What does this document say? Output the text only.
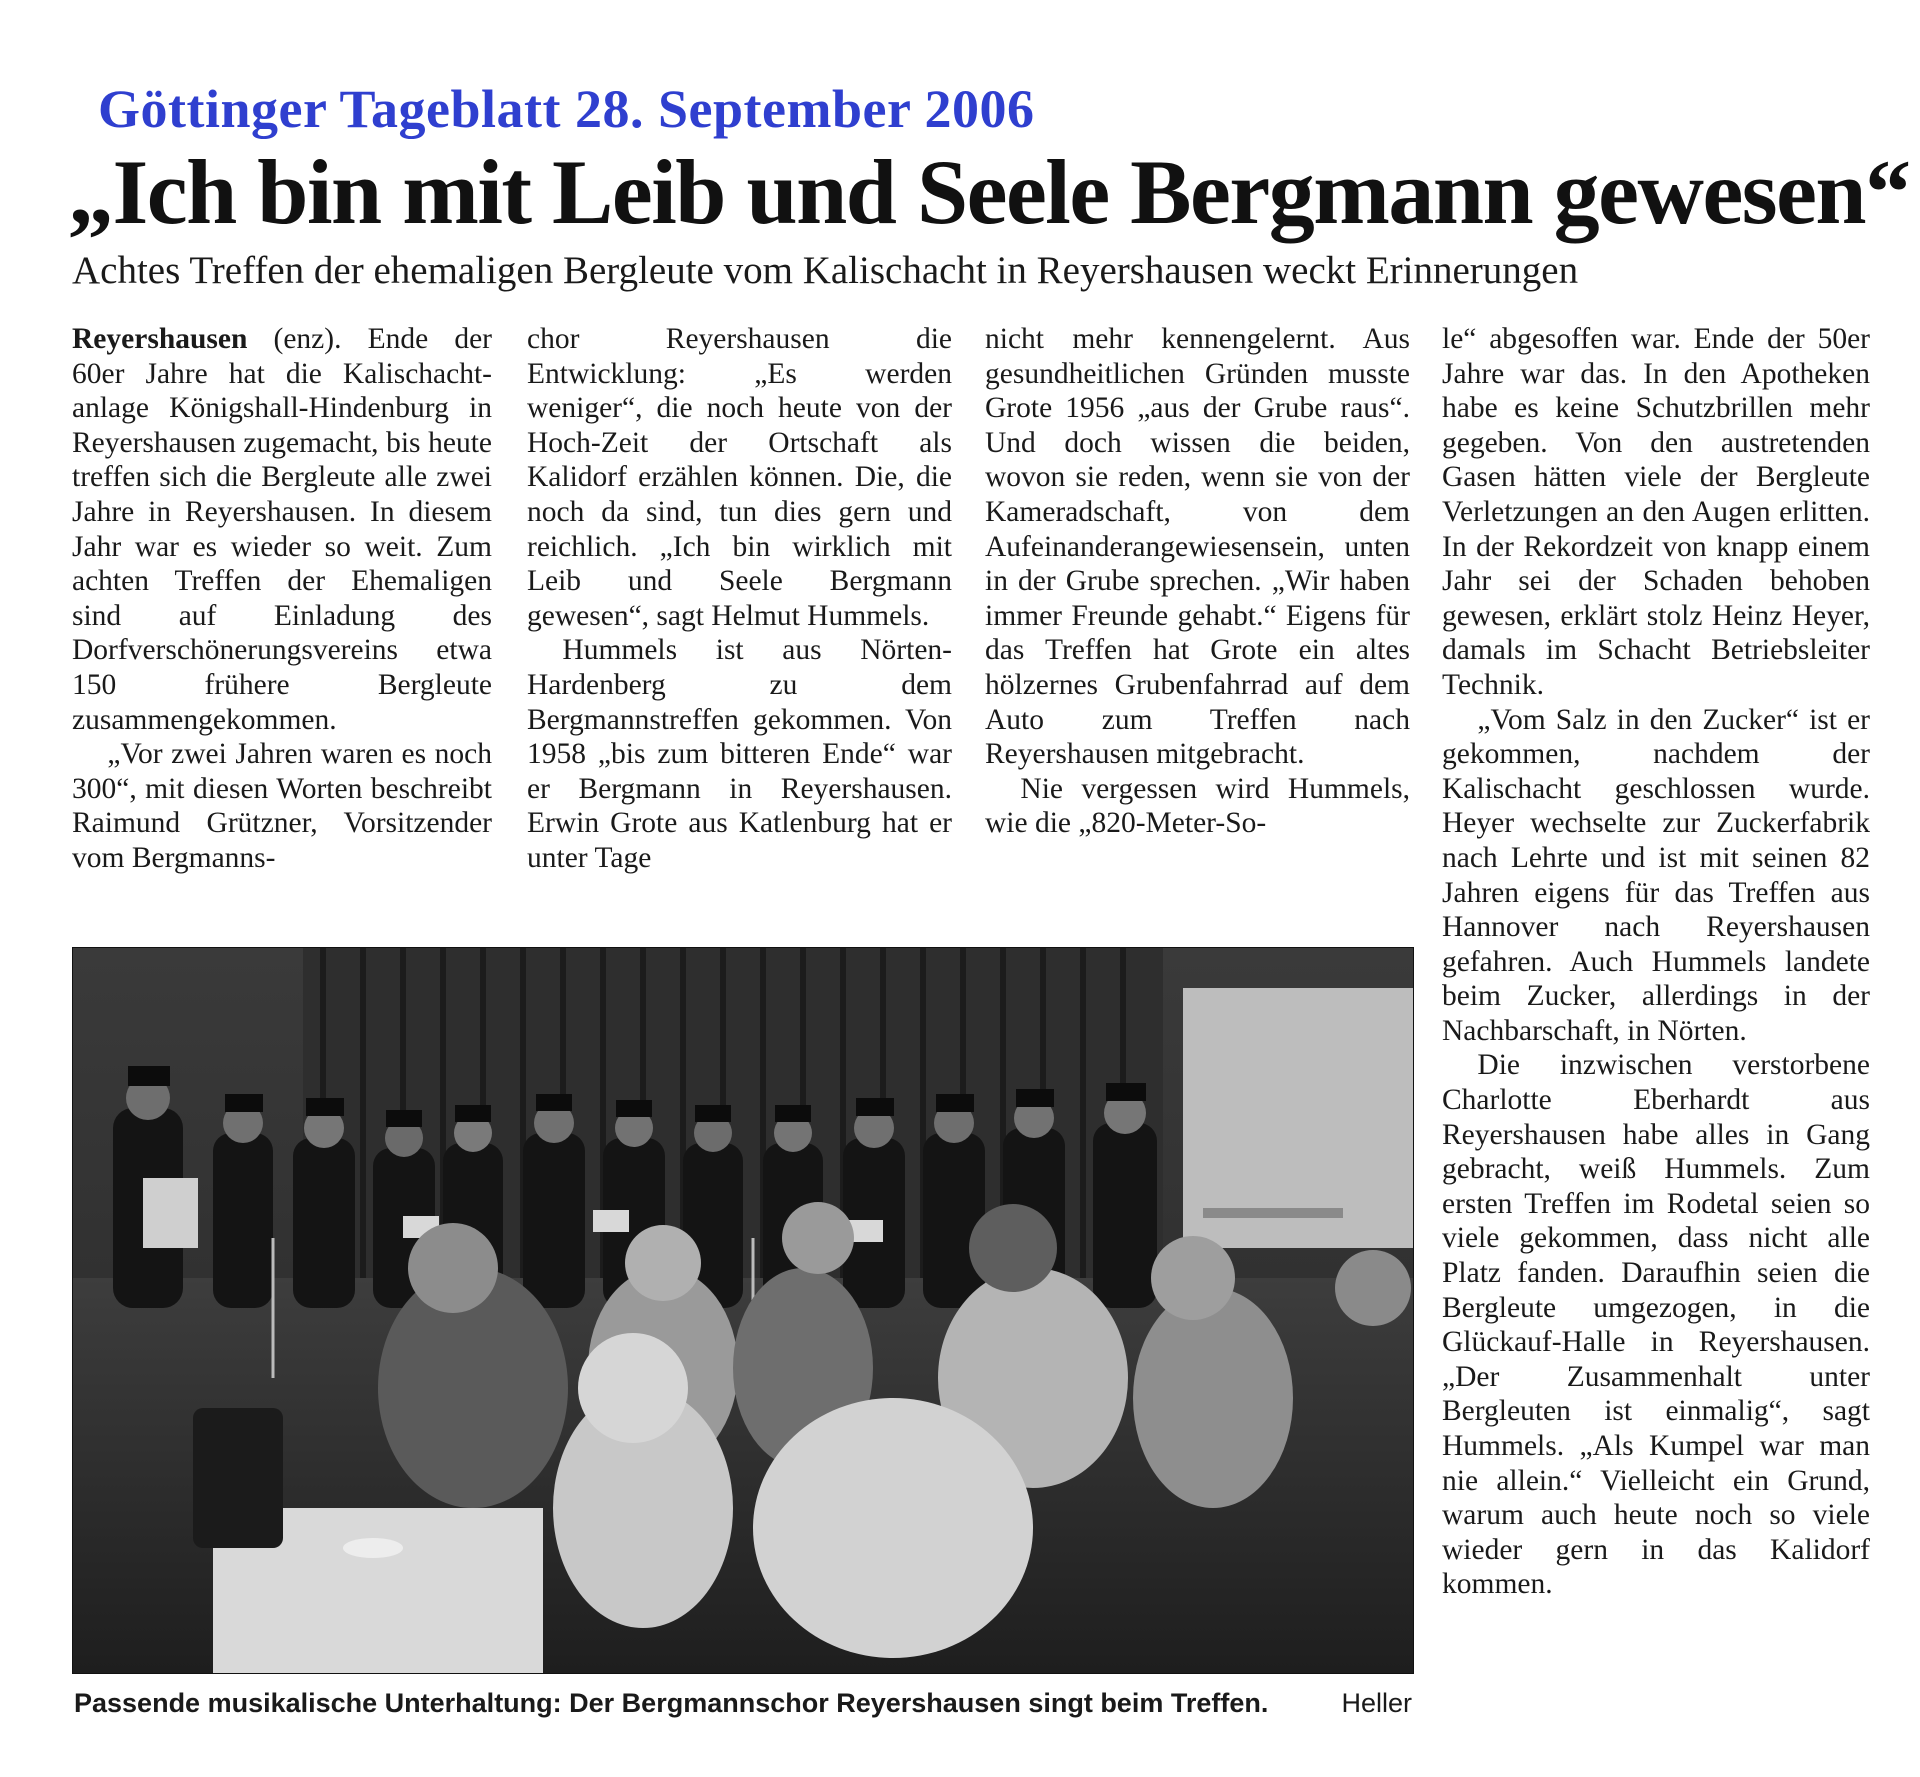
Göttinger Tageblatt 28. September 2006
„Ich bin mit Leib und Seele Bergmann gewesen“
Achtes Treffen der ehemaligen Bergleute vom Kalischacht in Reyershausen weckt Erinnerungen

Reyershausen (enz). Ende der 60er Jahre hat die Kalischacht-anlage Königshall-Hindenburg in Reyershausen zugemacht, bis heute treffen sich die Bergleute alle zwei Jahre in Reyershausen. In diesem Jahr war es wieder so weit. Zum achten Treffen der Ehemaligen sind auf Einladung des Dorfverschönerungsvereins etwa 150 frühere Bergleute zusammengekommen.

„Vor zwei Jahren waren es noch 300“, mit diesen Worten beschreibt Raimund Grützner, Vorsitzender vom Bergmanns-

chor Reyershausen die Entwicklung: „Es werden weniger“, die noch heute von der Hoch-Zeit der Ortschaft als Kalidorf erzählen können. Die, die noch da sind, tun dies gern und reichlich. „Ich bin wirklich mit Leib und Seele Bergmann gewesen“, sagt Helmut Hummels.

Hummels ist aus Nörten-Hardenberg zu dem Bergmannstreffen gekommen. Von 1958 „bis zum bitteren Ende“ war er Bergmann in Reyershausen. Erwin Grote aus Katlenburg hat er unter Tage

nicht mehr kennengelernt. Aus gesundheitlichen Gründen musste Grote 1956 „aus der Grube raus“. Und doch wissen die beiden, wovon sie reden, wenn sie von der Kameradschaft, von dem Aufeinanderangewiesensein, unten in der Grube sprechen. „Wir haben immer Freunde gehabt.“ Eigens für das Treffen hat Grote ein altes hölzernes Grubenfahrrad auf dem Auto zum Treffen nach Reyershausen mitgebracht.

Nie vergessen wird Hummels, wie die „820-Meter-So-

le“ abgesoffen war. Ende der 50er Jahre war das. In den Apotheken habe es keine Schutzbrillen mehr gegeben. Von den austretenden Gasen hätten viele der Bergleute Verletzungen an den Augen erlitten. In der Rekordzeit von knapp einem Jahr sei der Schaden behoben gewesen, erklärt stolz Heinz Heyer, damals im Schacht Betriebsleiter Technik.

„Vom Salz in den Zucker“ ist er gekommen, nachdem der Kalischacht geschlossen wurde. Heyer wechselte zur Zuckerfabrik nach Lehrte und ist mit seinen 82 Jahren eigens für das Treffen aus Hannover nach Reyershausen gefahren. Auch Hummels landete beim Zucker, allerdings in der Nachbarschaft, in Nörten.

Die inzwischen verstorbene Charlotte Eberhardt aus Reyershausen habe alles in Gang gebracht, weiß Hummels. Zum ersten Treffen im Rodetal seien so viele gekommen, dass nicht alle Platz fanden. Daraufhin seien die Bergleute umgezogen, in die Glückauf-Halle in Reyershausen. „Der Zusammenhalt unter Bergleuten ist einmalig“, sagt Hummels. „Als Kumpel war man nie allein.“ Vielleicht ein Grund, warum auch heute noch so viele wieder gern in das Kalidorf kommen.

Passende musikalische Unterhaltung: Der Bergmannschor Reyershausen singt beim Treffen.	Heller
